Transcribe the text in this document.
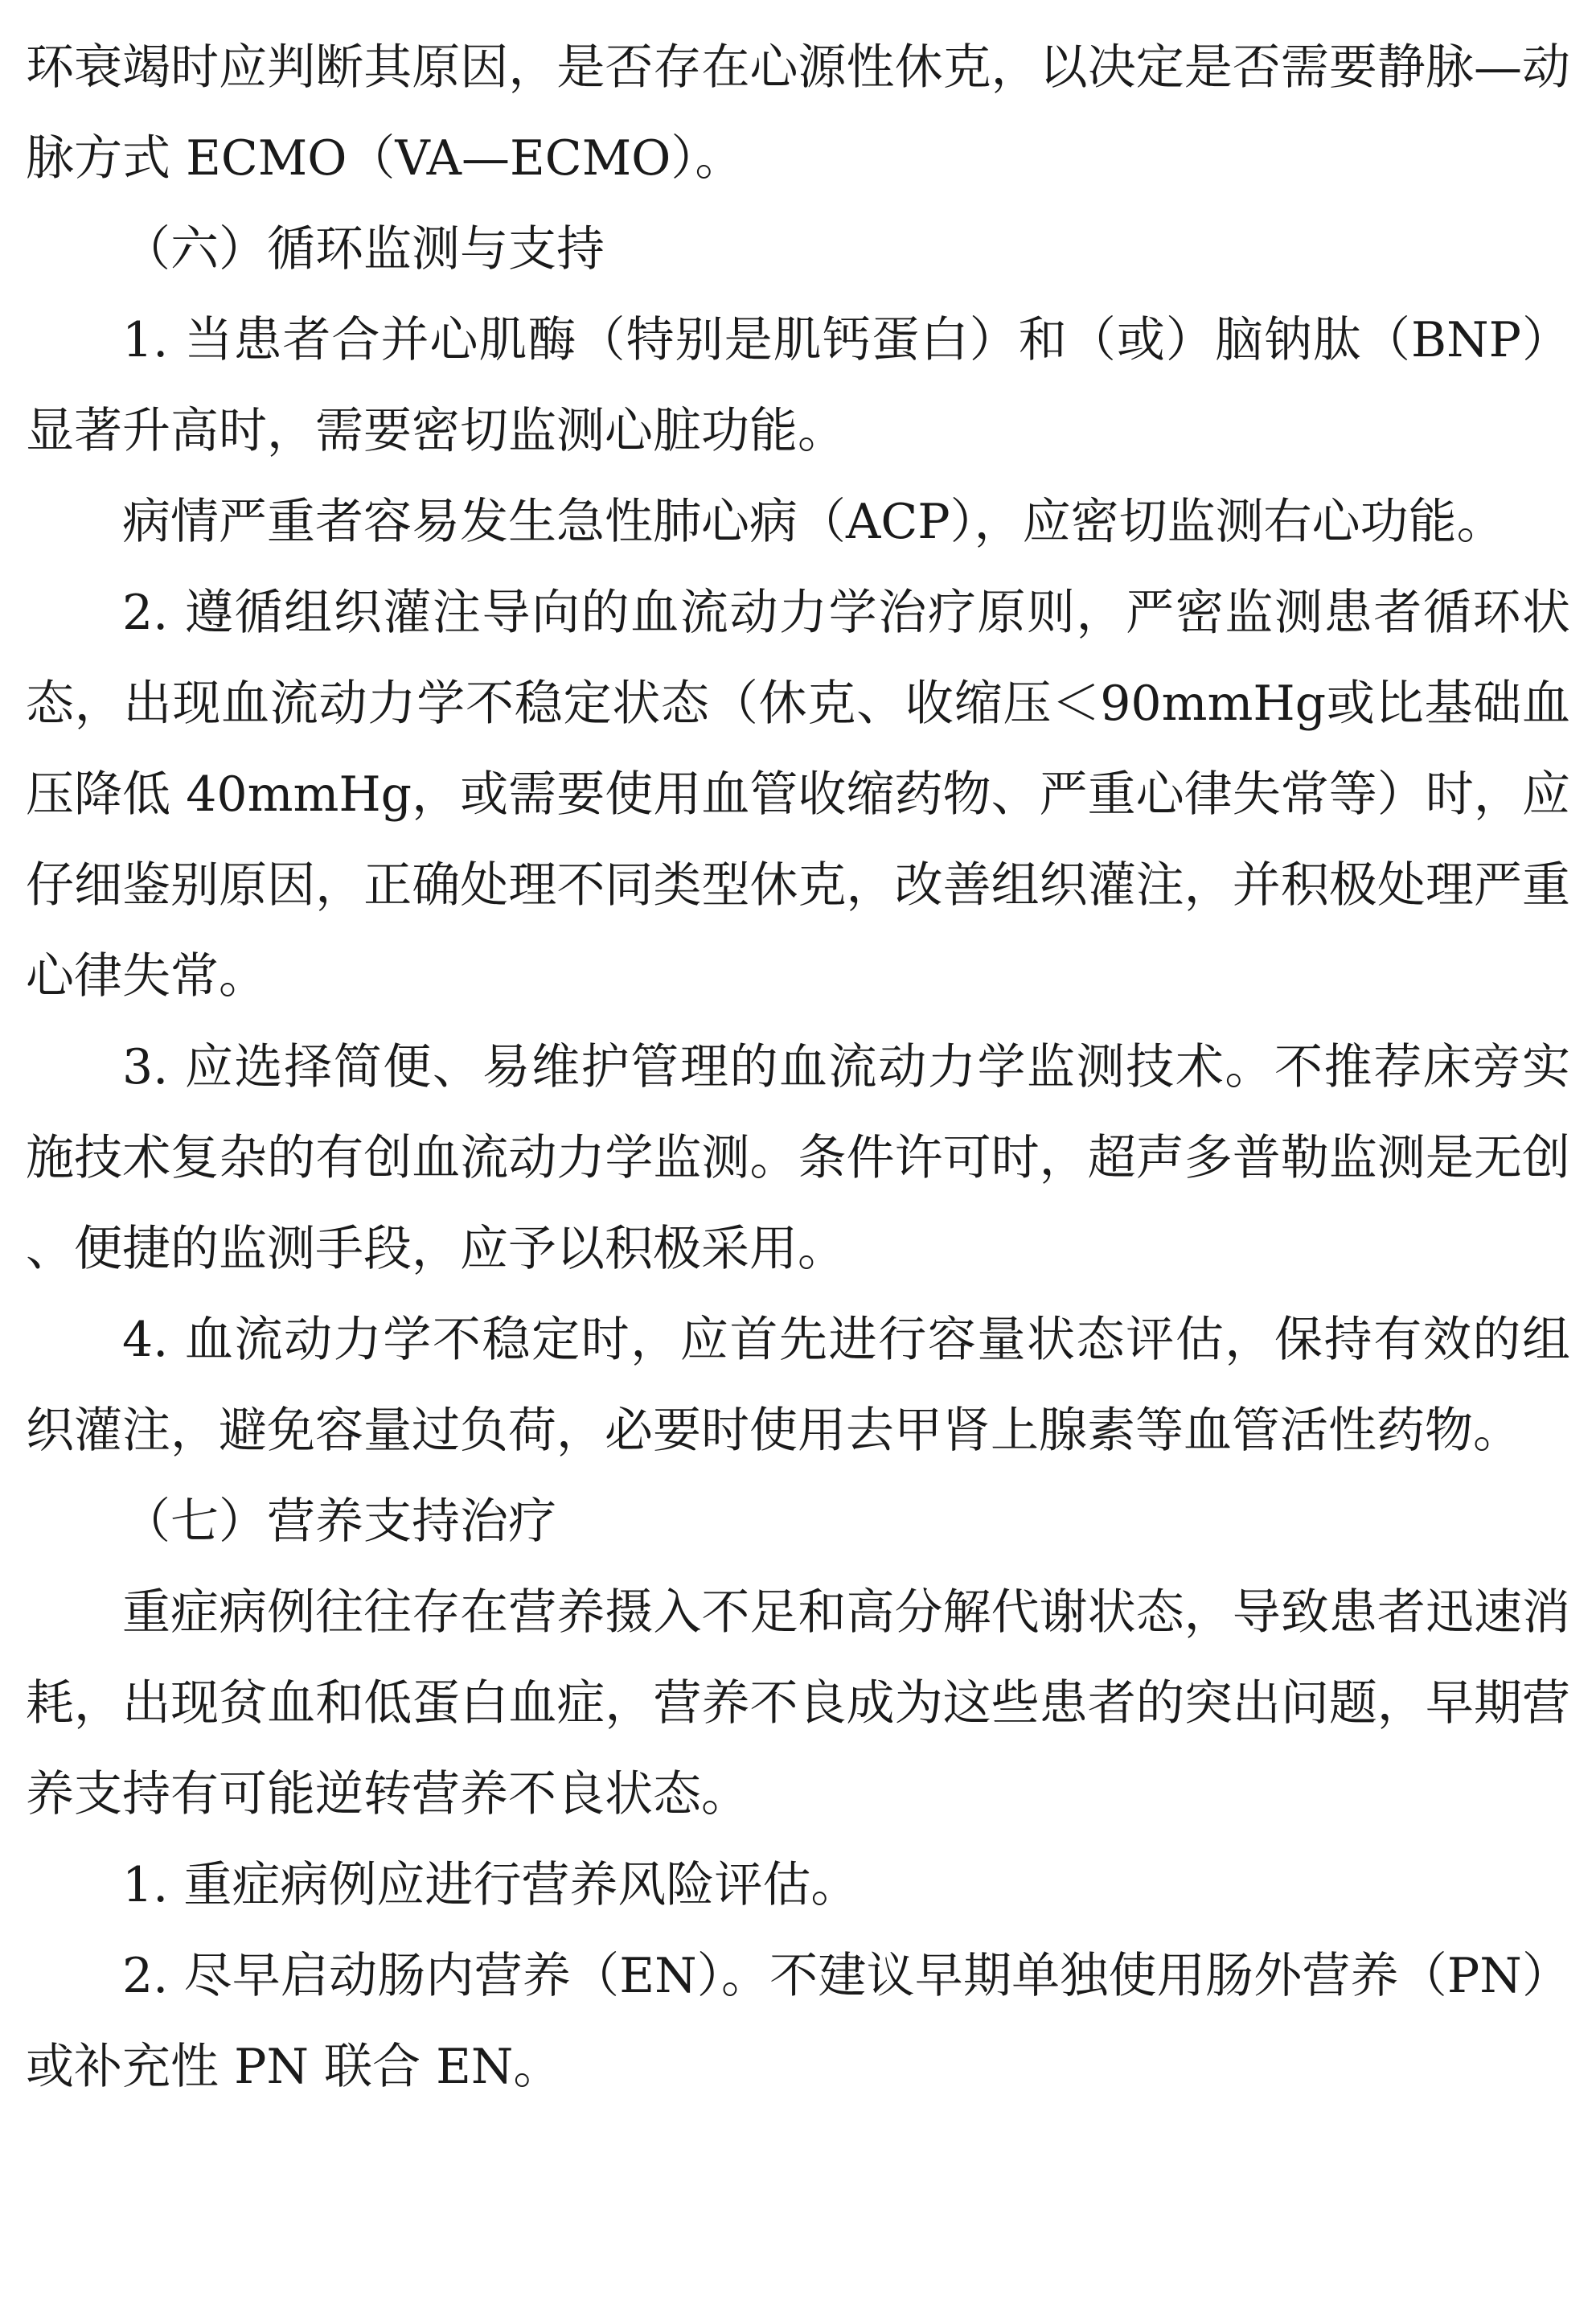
环衰竭时应判断其原因，是否存在心源性休克，以决定是否需要静脉—动脉方式 ECMO（VA—ECMO）。

（六）循环监测与支持

1. 当患者合并心肌酶（特别是肌钙蛋白）和（或）脑钠肽（BNP）显著升高时，需要密切监测心脏功能。

病情严重者容易发生急性肺心病（ACP），应密切监测右心功能。

2. 遵循组织灌注导向的血流动力学治疗原则，严密监测患者循环状态，出现血流动力学不稳定状态（休克、收缩压＜90mmHg或比基础血压降低 40mmHg，或需要使用血管收缩药物、严重心律失常等）时，应仔细鉴别原因，正确处理不同类型休克，改善组织灌注，并积极处理严重心律失常。

3. 应选择简便、易维护管理的血流动力学监测技术。不推荐床旁实施技术复杂的有创血流动力学监测。条件许可时，超声多普勒监测是无创、便捷的监测手段，应予以积极采用。

4. 血流动力学不稳定时，应首先进行容量状态评估，保持有效的组织灌注，避免容量过负荷，必要时使用去甲肾上腺素等血管活性药物。

（七）营养支持治疗

重症病例往往存在营养摄入不足和高分解代谢状态，导致患者迅速消耗，出现贫血和低蛋白血症，营养不良成为这些患者的突出问题，早期营养支持有可能逆转营养不良状态。

1. 重症病例应进行营养风险评估。

2. 尽早启动肠内营养（EN）。不建议早期单独使用肠外营养（PN）或补充性 PN 联合 EN。
